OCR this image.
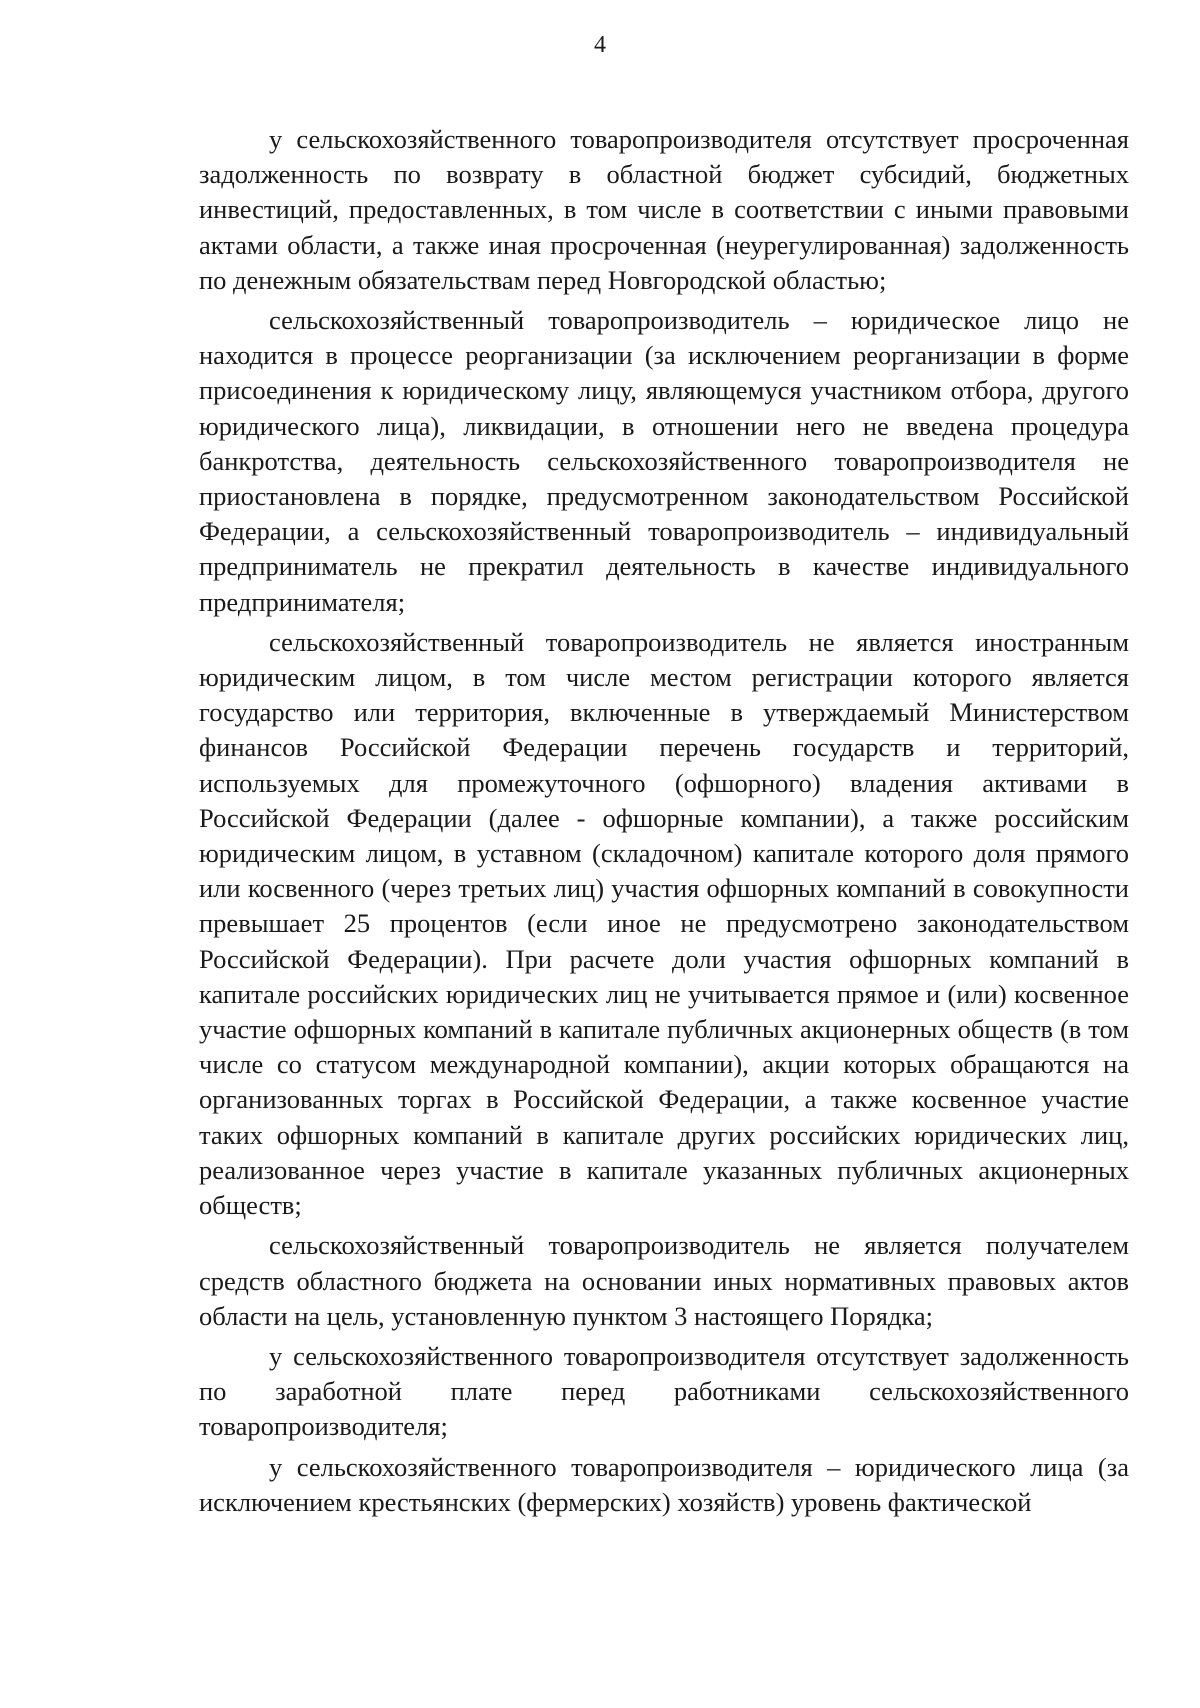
4

у сельскохозяйственного товаропроизводителя отсутствует просроченная задолженность по возврату в областной бюджет субсидий, бюджетных инвестиций, предоставленных, в том числе в соответствии с иными правовыми актами области, а также иная просроченная (неурегулированная) задолженность по денежным обязательствам перед Новгородской областью;

сельскохозяйственный товаропроизводитель – юридическое лицо не находится в процессе реорганизации (за исключением реорганизации в форме присоединения к юридическому лицу, являющемуся участником отбора, другого юридического лица), ликвидации, в отношении него не введена процедура банкротства, деятельность сельскохозяйственного товаропроизводителя не приостановлена в порядке, предусмотренном законодательством Российской Федерации, а сельскохозяйственный товаропроизводитель – индивидуальный предприниматель не прекратил деятельность в качестве индивидуального предпринимателя;

сельскохозяйственный товаропроизводитель не является иностранным юридическим лицом, в том числе местом регистрации которого является государство или территория, включенные в утверждаемый Министерством финансов Российской Федерации перечень государств и территорий, используемых для промежуточного (офшорного) владения активами в Российской Федерации (далее - офшорные компании), а также российским юридическим лицом, в уставном (складочном) капитале которого доля прямого или косвенного (через третьих лиц) участия офшорных компаний в совокупности превышает 25 процентов (если иное не предусмотрено законодательством Российской Федерации). При расчете доли участия офшорных компаний в капитале российских юридических лиц не учитывается прямое и (или) косвенное участие офшорных компаний в капитале публичных акционерных обществ (в том числе со статусом международной компании), акции которых обращаются на организованных торгах в Российской Федерации, а также косвенное участие таких офшорных компаний в капитале других российских юридических лиц, реализованное через участие в капитале указанных публичных акционерных обществ;

сельскохозяйственный товаропроизводитель не является получателем средств областного бюджета на основании иных нормативных правовых актов области на цель, установленную пунктом 3 настоящего Порядка;

у сельскохозяйственного товаропроизводителя отсутствует задолженность по заработной плате перед работниками сельскохозяйственного товаропроизводителя;

у сельскохозяйственного товаропроизводителя – юридического лица (за исключением крестьянских (фермерских) хозяйств) уровень фактической
